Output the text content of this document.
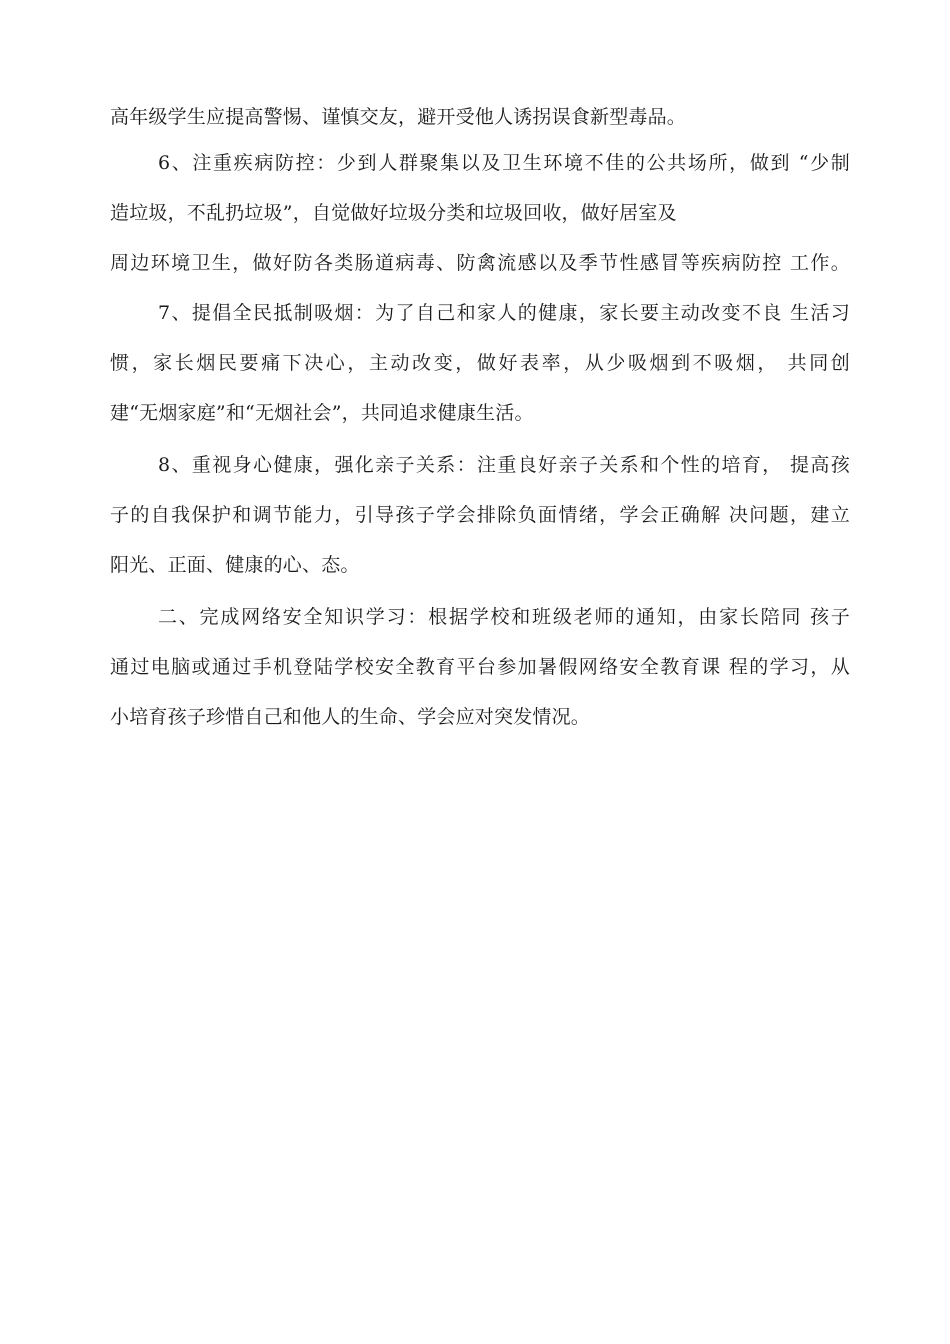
高年级学生应提高警惕、谨慎交友，避开受他人诱拐误食新型毒品。
6、注重疾病防控：少到人群聚集以及卫生环境不佳的公共场所，做到 “少制
造垃圾，不乱扔垃圾”，自觉做好垃圾分类和垃圾回收，做好居室及
周边环境卫生，做好防各类肠道病毒、防禽流感以及季节性感冒等疾病防控 工作。
7、提倡全民抵制吸烟：为了自己和家人的健康，家长要主动改变不良 生活习
惯，家长烟民要痛下决心，主动改变，做好表率，从少吸烟到不吸烟， 共同创
建“无烟家庭”和“无烟社会”，共同追求健康生活。
8、重视身心健康，强化亲子关系：注重良好亲子关系和个性的培育， 提高孩
子的自我保护和调节能力，引导孩子学会排除负面情绪，学会正确解 决问题，建立
阳光、正面、健康的心、态。
二、完成网络安全知识学习：根据学校和班级老师的通知，由家长陪同 孩子
通过电脑或通过手机登陆学校安全教育平台参加暑假网络安全教育课 程的学习，从
小培育孩子珍惜自己和他人的生命、学会应对突发情况。
